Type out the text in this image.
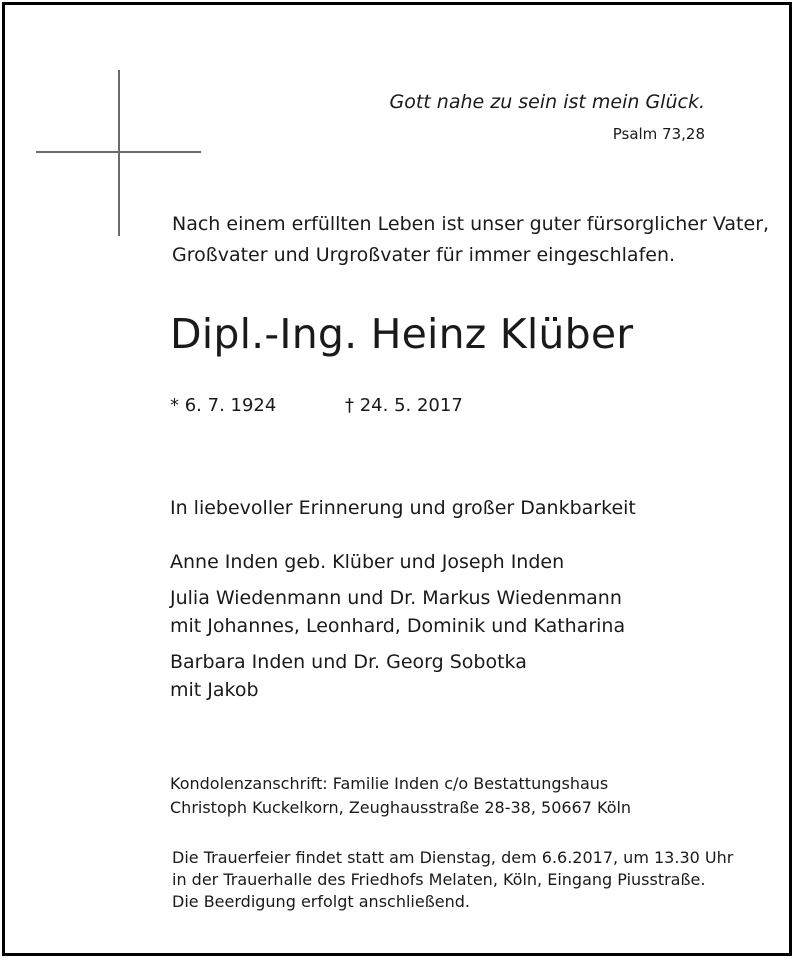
Gott nahe zu sein ist mein Glück.
Psalm 73,28
Nach einem erfüllten Leben ist unser guter fürsorglicher Vater,
Großvater und Urgroßvater für immer eingeschlafen.
Dipl.-Ing. Heinz Klüber
* 6. 7. 1924	† 24. 5. 2017
In liebevoller Erinnerung und großer Dankbarkeit
Anne Inden geb. Klüber und Joseph Inden
Julia Wiedenmann und Dr. Markus Wiedenmann
mit Johannes, Leonhard, Dominik und Katharina
Barbara Inden und Dr. Georg Sobotka
mit Jakob
Kondolenzanschrift: Familie Inden c/o Bestattungshaus
Christoph Kuckelkorn, Zeughausstraße 28-38, 50667 Köln
Die Trauerfeier findet statt am Dienstag, dem 6.6.2017, um 13.30 Uhr
in der Trauerhalle des Friedhofs Melaten, Köln, Eingang Piusstraße.
Die Beerdigung erfolgt anschließend.
